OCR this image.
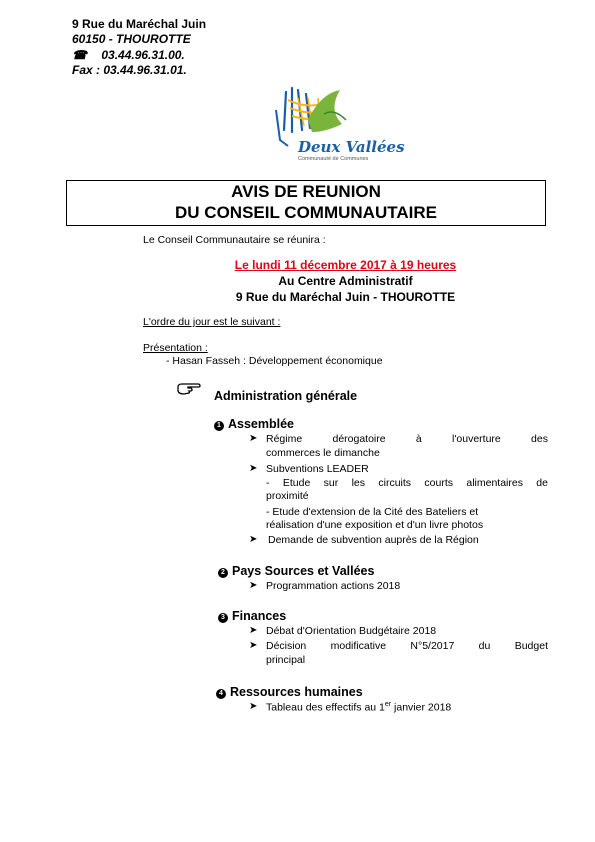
9 Rue du Maréchal Juin
60150 - THOUROTTE
☎ 03.44.96.31.00.
Fax : 03.44.96.31.01.
Deux Vallées
Communauté de Communes
AVIS DE REUNION
DU CONSEIL COMMUNAUTAIRE
Le Conseil Communautaire se réunira :
Le lundi 11 décembre 2017 à 19 heures
Au Centre Administratif
9 Rue du Maréchal Juin - THOUROTTE
L'ordre du jour est le suivant :
Présentation :
- Hasan Fasseh : Développement économique
Administration générale
1 Assemblée
➤ Régime	dérogatoire	à	l'ouverture	des
commerces le dimanche
➤ Subventions LEADER
- Etude sur les circuits courts alimentaires de
proximité
- Etude d'extension de la Cité des Bateliers et
réalisation d'une exposition et d'un livre photos
➤ Demande de subvention auprès de la Région
2 Pays Sources et Vallées
➤ Programmation actions 2018
3 Finances
➤ Débat d'Orientation Budgétaire 2018
➤ Décision modificative N°5/2017 du Budget
principal
4 Ressources humaines
➤ Tableau des effectifs au 1er janvier 2018
